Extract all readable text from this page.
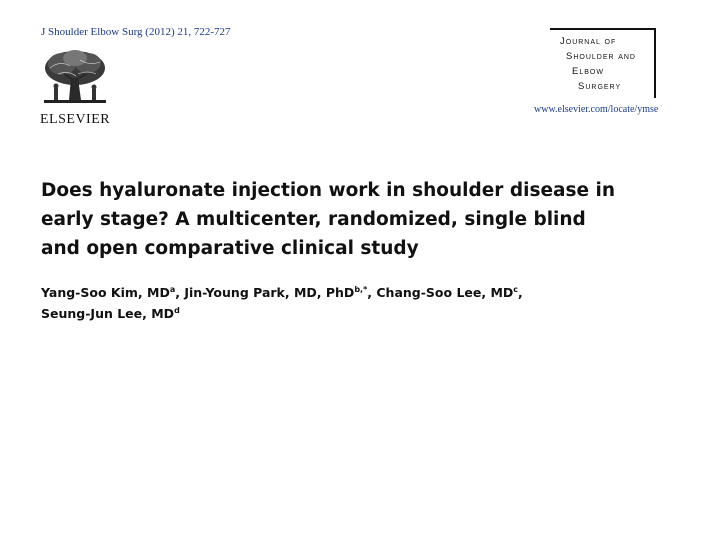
J Shoulder Elbow Surg (2012) 21, 722-727
ELSEVIER
Journal of
Shoulder and
Elbow
Surgery
www.elsevier.com/locate/ymse
Does hyaluronate injection work in shoulder disease in
early stage? A multicenter, randomized, single blind
and open comparative clinical study
Yang-Soo Kim, $MD^a$, Jin-Young Park, MD, PhD$^{b,*}$, Chang-Soo Lee, $MD^c$,
Seung-Jun Lee, $MD^d$
